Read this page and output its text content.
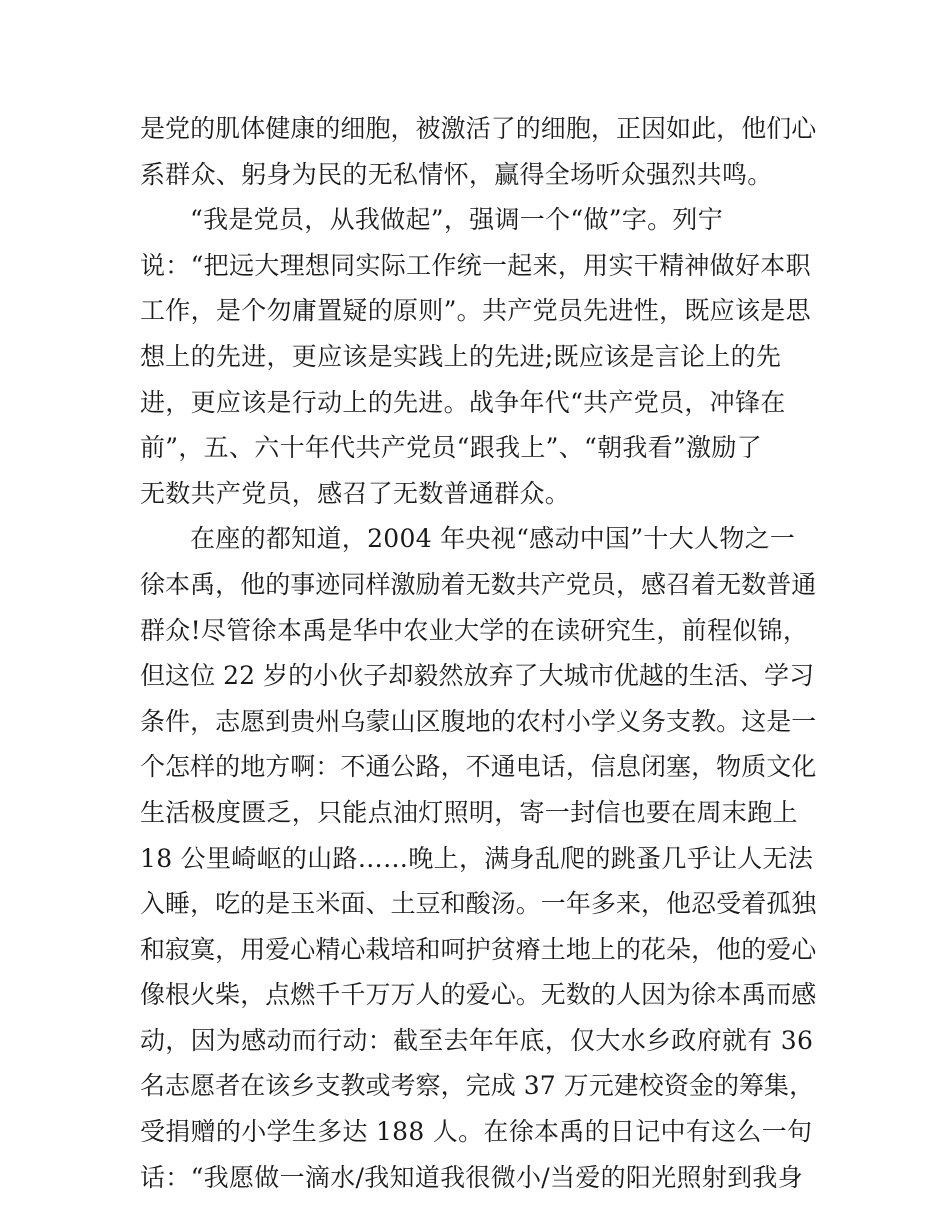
是党的肌体健康的细胞，被激活了的细胞，正因如此，他们心
系群众、躬身为民的无私情怀，赢得全场听众强烈共鸣。
“我是党员，从我做起”，强调一个“做”字。列宁
说：“把远大理想同实际工作统一起来，用实干精神做好本职
工作，是个勿庸置疑的原则”。共产党员先进性，既应该是思
想上的先进，更应该是实践上的先进;既应该是言论上的先
进，更应该是行动上的先进。战争年代“共产党员，冲锋在
前”，五、六十年代共产党员“跟我上”、“朝我看”激励了
无数共产党员，感召了无数普通群众。
在座的都知道，2004 年央视“感动中国”十大人物之一
徐本禹，他的事迹同样激励着无数共产党员，感召着无数普通
群众!尽管徐本禹是华中农业大学的在读研究生，前程似锦，
但这位 22 岁的小伙子却毅然放弃了大城市优越的生活、学习
条件，志愿到贵州乌蒙山区腹地的农村小学义务支教。这是一
个怎样的地方啊：不通公路，不通电话，信息闭塞，物质文化
生活极度匮乏，只能点油灯照明，寄一封信也要在周末跑上
18 公里崎岖的山路……晚上，满身乱爬的跳蚤几乎让人无法
入睡，吃的是玉米面、土豆和酸汤。一年多来，他忍受着孤独
和寂寞，用爱心精心栽培和呵护贫瘠土地上的花朵，他的爱心
像根火柴，点燃千千万万人的爱心。无数的人因为徐本禹而感
动，因为感动而行动：截至去年年底，仅大水乡政府就有 36
名志愿者在该乡支教或考察，完成 37 万元建校资金的筹集，
受捐赠的小学生多达 188 人。在徐本禹的日记中有这么一句
话：“我愿做一滴水/我知道我很微小/当爱的阳光照射到我身
